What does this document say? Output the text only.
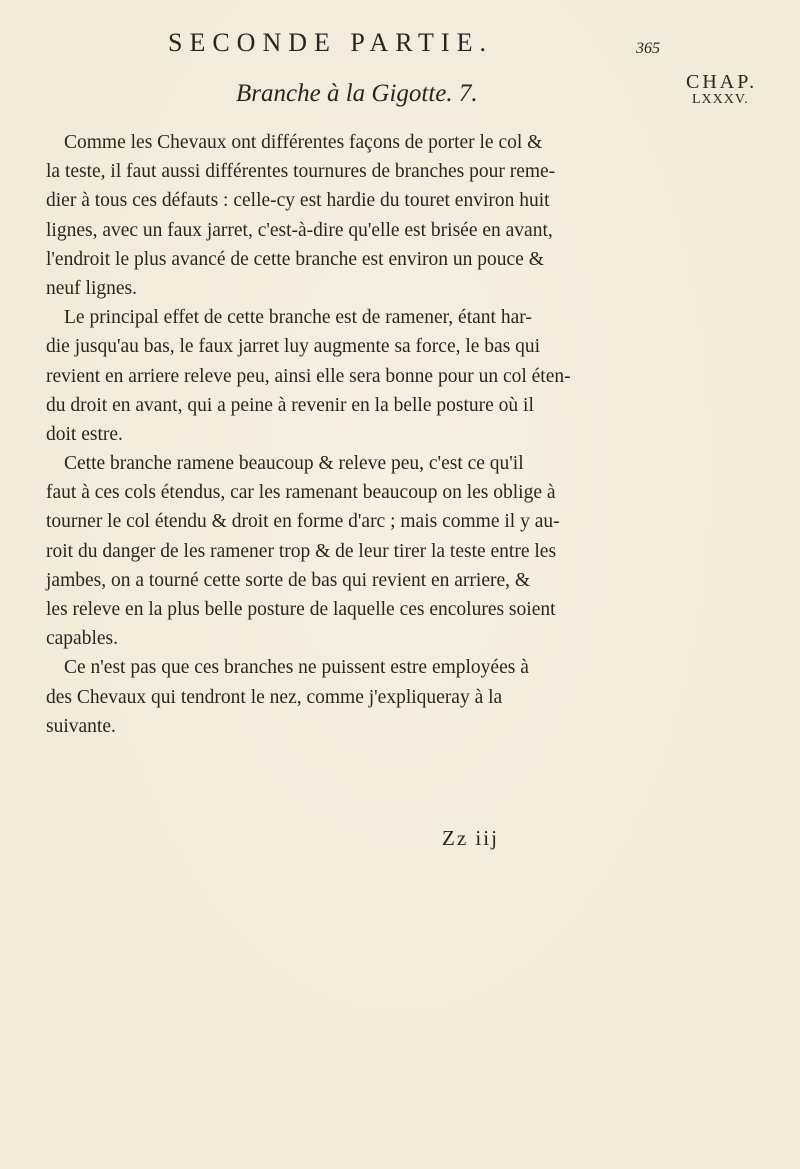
SECONDE PARTIE.	365
Branche à la Gigotte. 7.	CHAP.
LXXXV.
Comme les Chevaux ont différentes façons de porter le col &
la teste, il faut aussi différentes tournures de branches pour reme-
dier à tous ces défauts : celle-cy est hardie du touret environ huit
lignes, avec un faux jarret, c'est-à-dire qu'elle est brisée en avant,
l'endroit le plus avancé de cette branche est environ un pouce &
neuf lignes.
Le principal effet de cette branche est de ramener, étant har-
die jusqu'au bas, le faux jarret luy augmente sa force, le bas qui
revient en arriere releve peu, ainsi elle sera bonne pour un col éten-
du droit en avant, qui a peine à revenir en la belle posture où il
doit estre.
Cette branche ramene beaucoup & releve peu, c'est ce qu'il
faut à ces cols étendus, car les ramenant beaucoup on les oblige à
tourner le col étendu & droit en forme d'arc ; mais comme il y au-
roit du danger de les ramener trop & de leur tirer la teste entre les
jambes, on a tourné cette sorte de bas qui revient en arriere, &
les releve en la plus belle posture de laquelle ces encolures soient
capables.
Ce n'est pas que ces branches ne puissent estre employées à
des Chevaux qui tendront le nez, comme j'expliqueray à la
suivante.
Zz iij
